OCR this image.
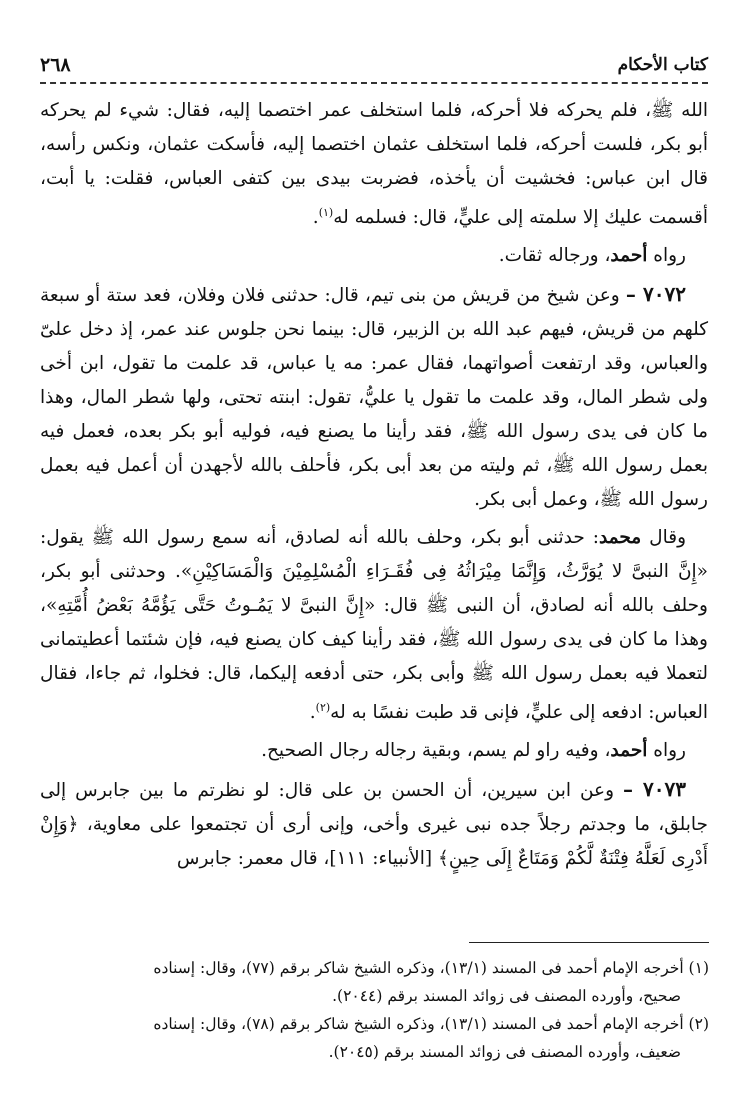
كتاب الأحكام
٢٦٨

الله ﷺ، فلم يحركه فلا أحركه، فلما استخلف عمر اختصما إليه، فقال: شيء لم يحركه أبو بكر، فلست أحركه، فلما استخلف عثمان اختصما إليه، فأسكت عثمان، ونكس رأسه، قال ابن عباس: فخشيت أن يأخذه، فضربت بيدى بين كتفى العباس، فقلت: يا أبت، أقسمت عليك إلا سلمته إلى عليٍّ، قال: فسلمه له$^{(١)}$.

رواه أحمد، ورجاله ثقات.

٧٠٧٢ – وعن شيخ من قريش من بنى تيم، قال: حدثنى فلان وفلان، فعد ستة أو سبعة كلهم من قريش، فيهم عبد الله بن الزبير، قال: بينما نحن جلوس عند عمر، إذ دخل علىّ والعباس، وقد ارتفعت أصواتهما، فقال عمر: مه يا عباس، قد علمت ما تقول، ابن أخى ولى شطر المال، وقد علمت ما تقول يا عليُّ، تقول: ابنته تحتى، ولها شطر المال، وهذا ما كان فى يدى رسول الله ﷺ، فقد رأينا ما يصنع فيه، فوليه أبو بكر بعده، فعمل فيه بعمل رسول الله ﷺ، ثم وليته من بعد أبى بكر، فأحلف بالله لأجهدن أن أعمل فيه بعمل رسول الله ﷺ، وعمل أبى بكر.

وقال محمد: حدثنى أبو بكر، وحلف بالله أنه لصادق، أنه سمع رسول الله ﷺ يقول: «إِنَّ النبىَّ لا يُوَرَّثُ، وَإِنَّمَا مِيْرَاثُهُ فِى فُقَـرَاءِ الْمُسْلِمِيْنَ وَالْمَسَاكِيْنِ». وحدثنى أبو بكر، وحلف بالله أنه لصادق، أن النبى ﷺ قال: «إِنَّ النبىَّ لا يَمُـوتُ حَتَّى يَؤُمَّهُ بَعْضُ أُمَّتِهِ»، وهذا ما كان فى يدى رسول الله ﷺ، فقد رأينا كيف كان يصنع فيه، فإن شئتما أعطيتمانى لتعملا فيه بعمل رسول الله ﷺ وأبى بكر، حتى أدفعه إليكما، قال: فخلوا، ثم جاءا، فقال العباس: ادفعه إلى عليٍّ، فإنى قد طبت نفسًا به له$^{(٢)}$.

رواه أحمد، وفيه راو لم يسم، وبقية رجاله رجال الصحيح.

٧٠٧٣ – وعن ابن سيرين، أن الحسن بن على قال: لو نظرتم ما بين جابرس إلى جابلق، ما وجدتم رجلاً جده نبى غيرى وأخى، وإنى أرى أن تجتمعوا على معاوية، ﴿وَإِنْ أَدْرِى لَعَلَّهُ فِتْنَةٌ لَّكُمْ وَمَتَاعٌ إِلَى حِينٍ﴾ [الأنبياء: ١١١]، قال معمر: جابرس

(١) أخرجه الإمام أحمد فى المسند (١٣/١)، وذكره الشيخ شاكر برقم (٧٧)، وقال: إسناده
صحيح، وأورده المصنف فى زوائد المسند برقم (٢٠٤٤).

(٢) أخرجه الإمام أحمد فى المسند (١٣/١)، وذكره الشيخ شاكر برقم (٧٨)، وقال: إسناده
ضعيف، وأورده المصنف فى زوائد المسند برقم (٢٠٤٥).
